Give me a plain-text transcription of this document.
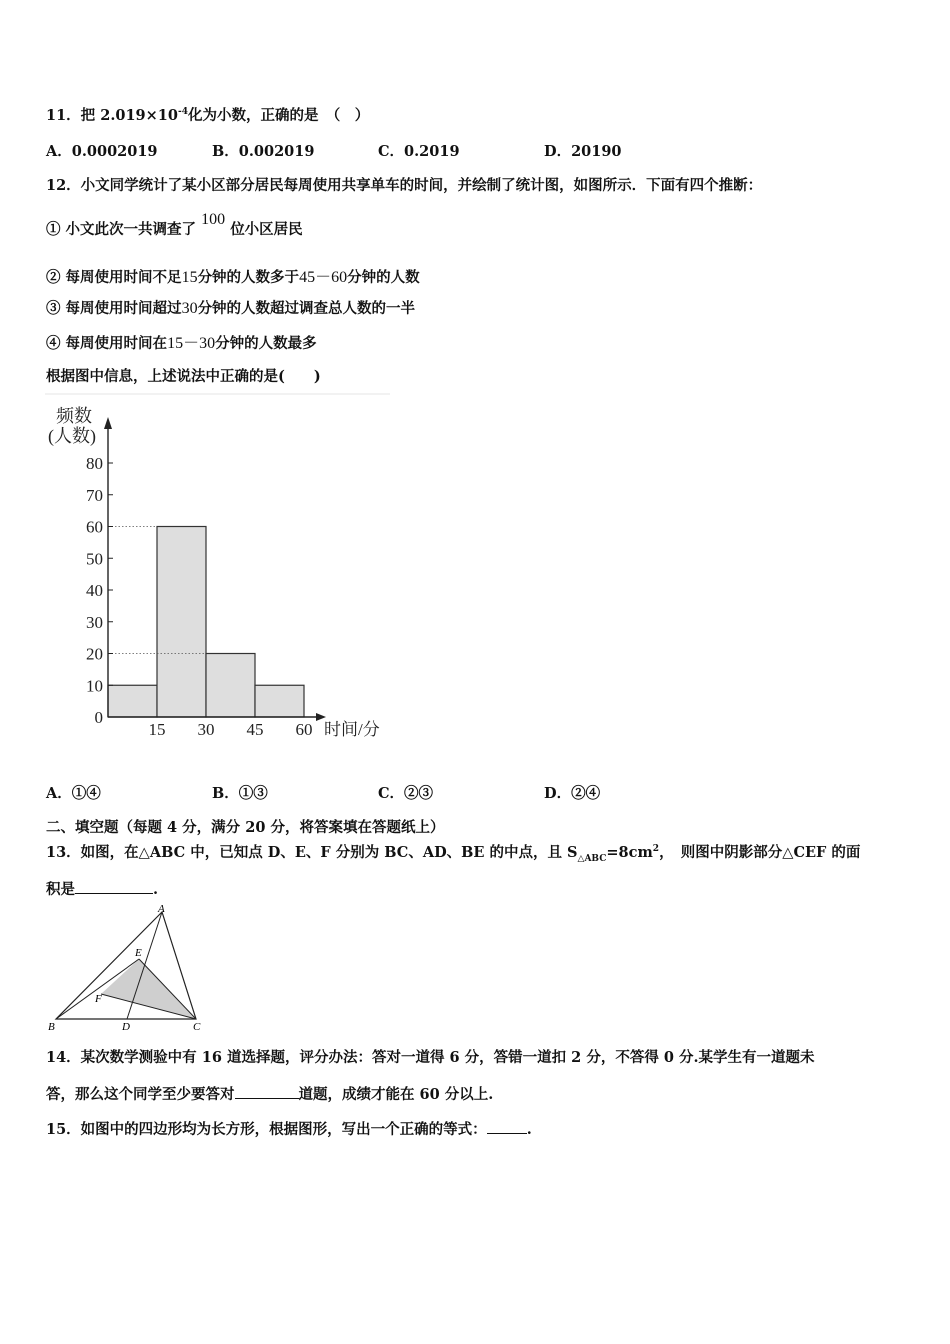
11．把 $2.019\times 10^{-4}$化为小数，正确的是　（　）
A．0.0002019	B．0.002019	C．0.2019	D．20190
12．小文同学统计了某小区部分居民每周使用共享单车的时间，并绘制了统计图，如图所示．下面有四个推断：
① 小文此次一共调查了 100 位小区居民
② 每周使用时间不足15分钟的人数多于45－60分钟的人数
③ 每周使用时间超过30分钟的人数超过调查总人数的一半
④ 每周使用时间在15－30分钟的人数最多
根据图中信息，上述说法中正确的是(　　)
0
10
20
30
40
50
60
70
80
15 30 45 60
频数
(人数)
时间/分
A．①④	B．①③	C．②③	D．②④
二、填空题（每题 4 分，满分 20 分，将答案填在答题纸上）
13．如图，在△ABC 中，已知点 D、E、F 分别为 BC、AD、BE 的中点，且 $S_{\triangle ABC}=8cm^2$，　则图中阴影部分△CEF 的面
积是	.
A
B	C
D
E
F
14．某次数学测验中有 16 道选择题，评分办法：答对一道得 6 分，答错一道扣 2 分，不答得 0 分.某学生有一道题未
答，那么这个同学至少要答对	道题，成绩才能在 60 分以上.
15．如图中的四边形均为长方形，根据图形，写出一个正确的等式：	.
